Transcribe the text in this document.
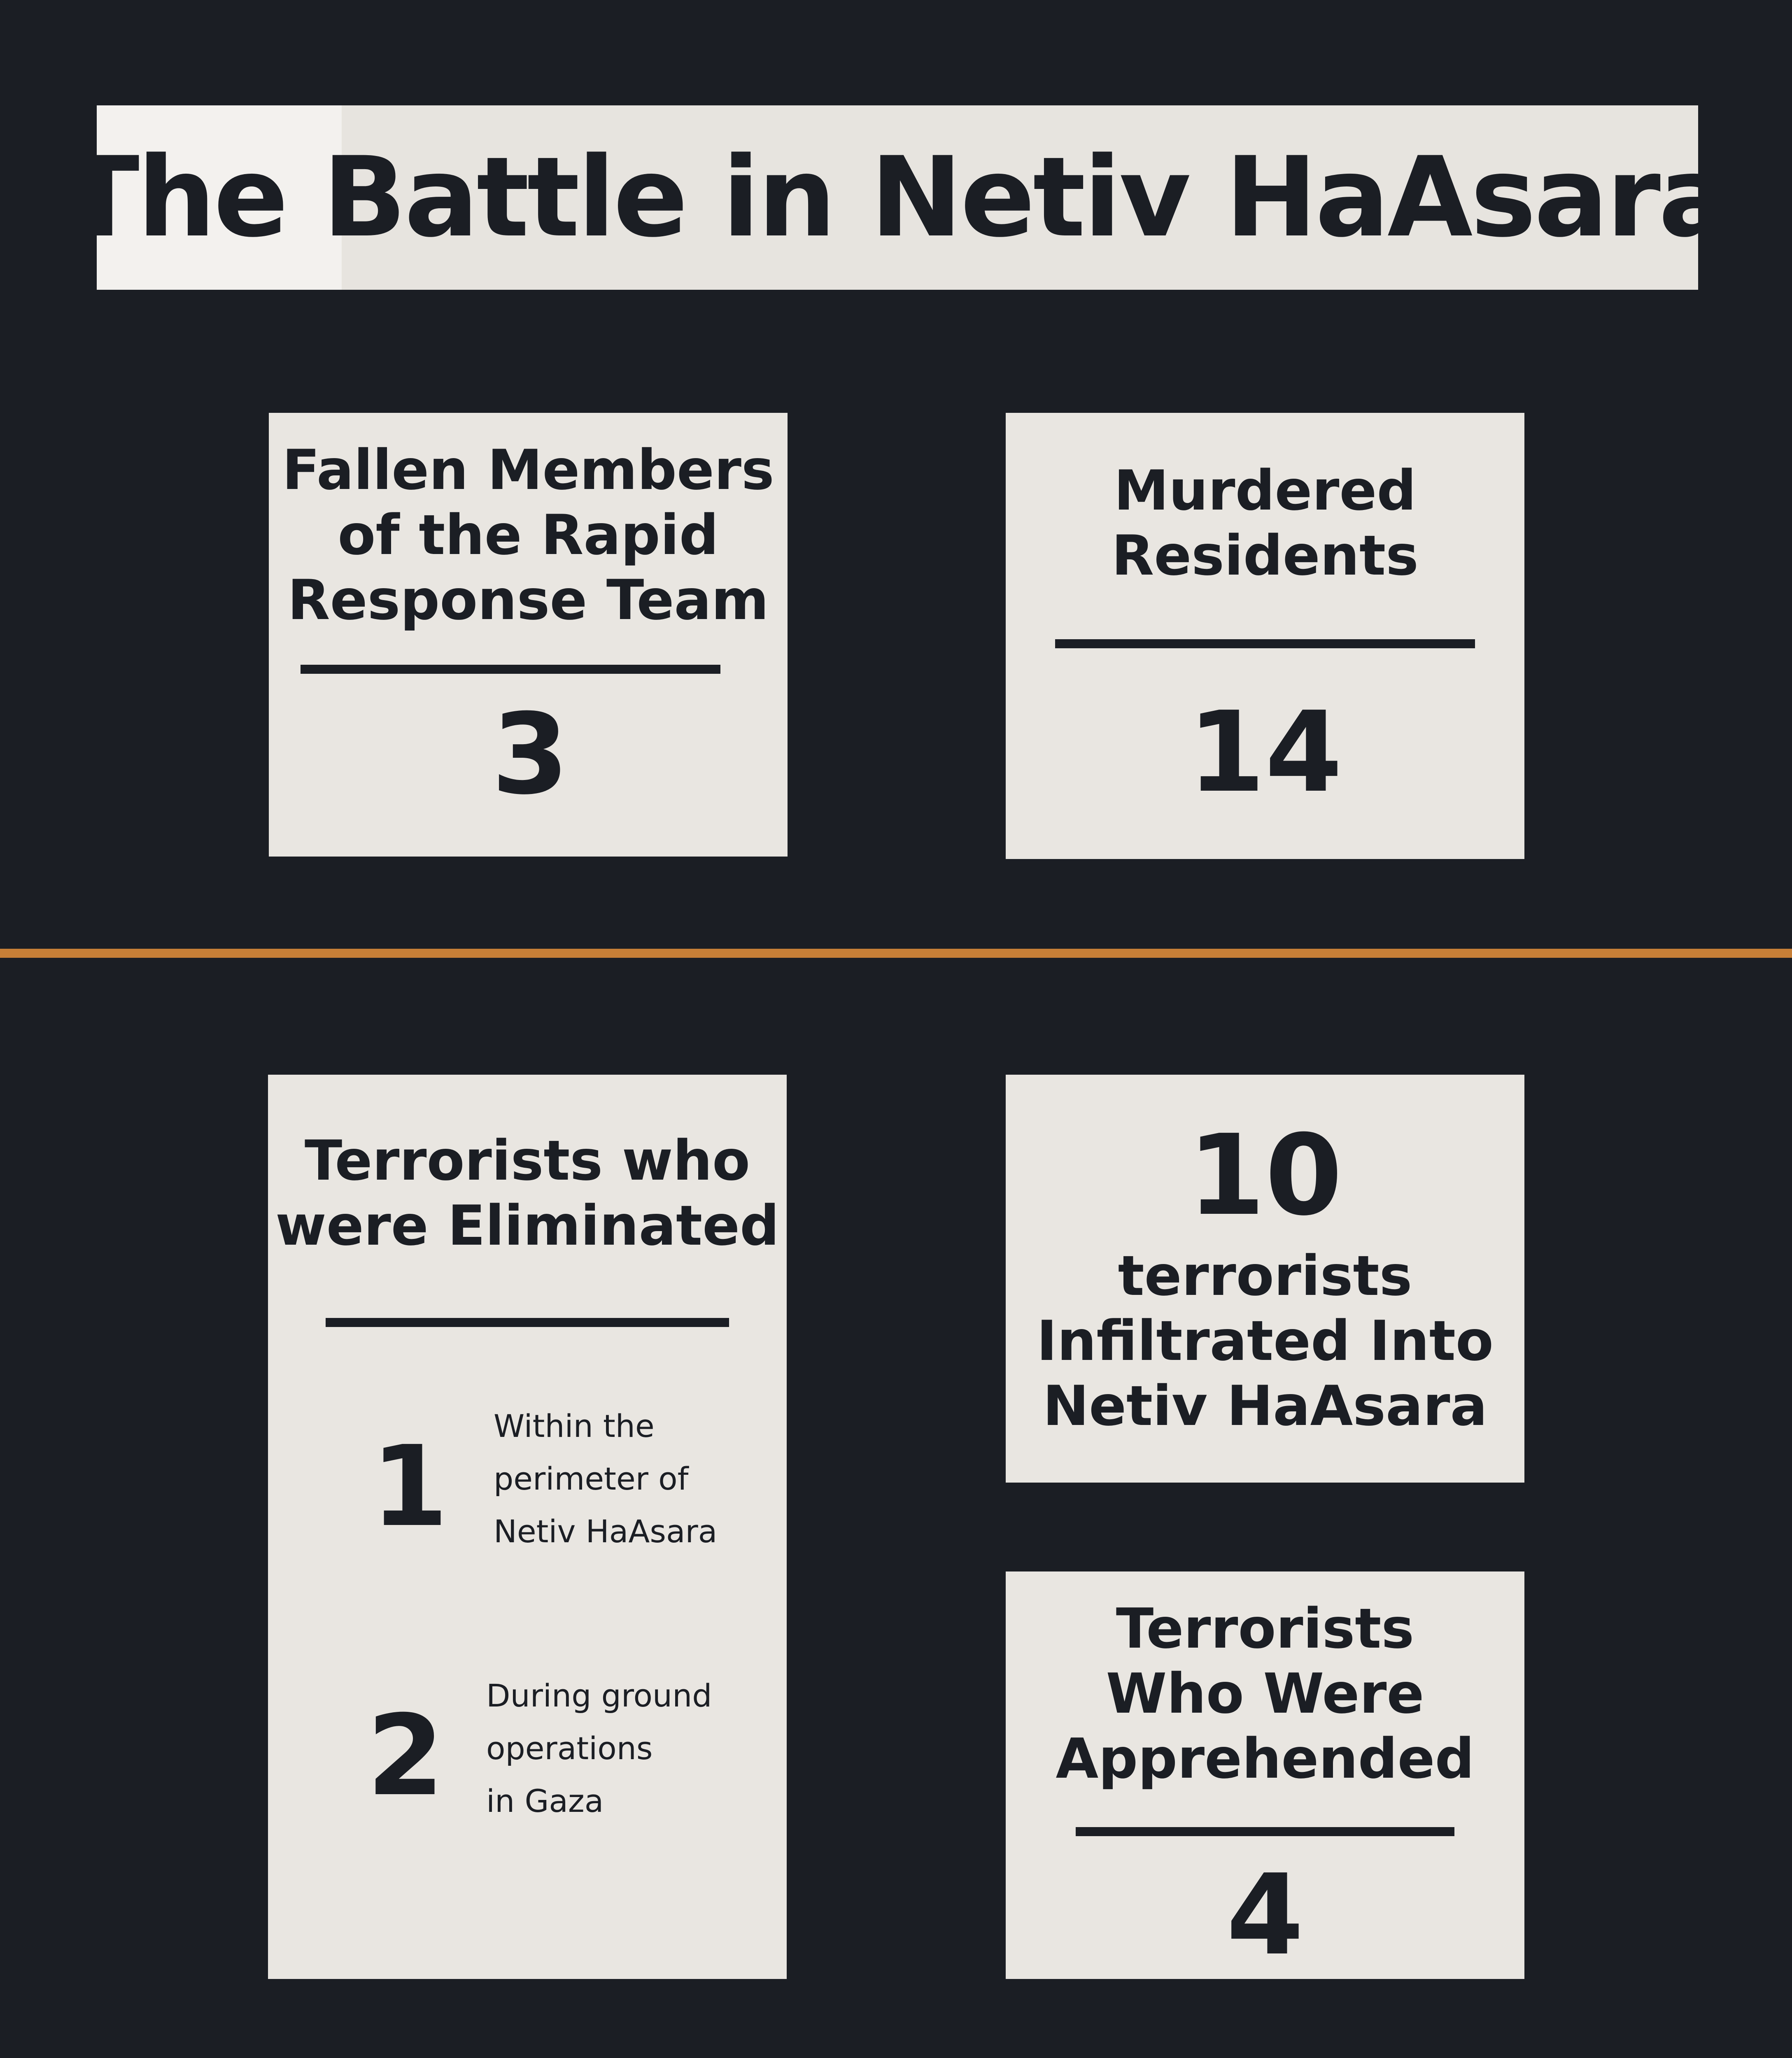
The Battle in Netiv HaAsara
Fallen Members
of the Rapid
Response Team
3
Murdered
Residents
14
Terrorists who
were Eliminated
1 Within the
perimeter of
Netiv HaAsara
2 During ground
operations
in Gaza
10
terrorists
Infiltrated Into
Netiv HaAsara
Terrorists
Who Were
Apprehended
4
